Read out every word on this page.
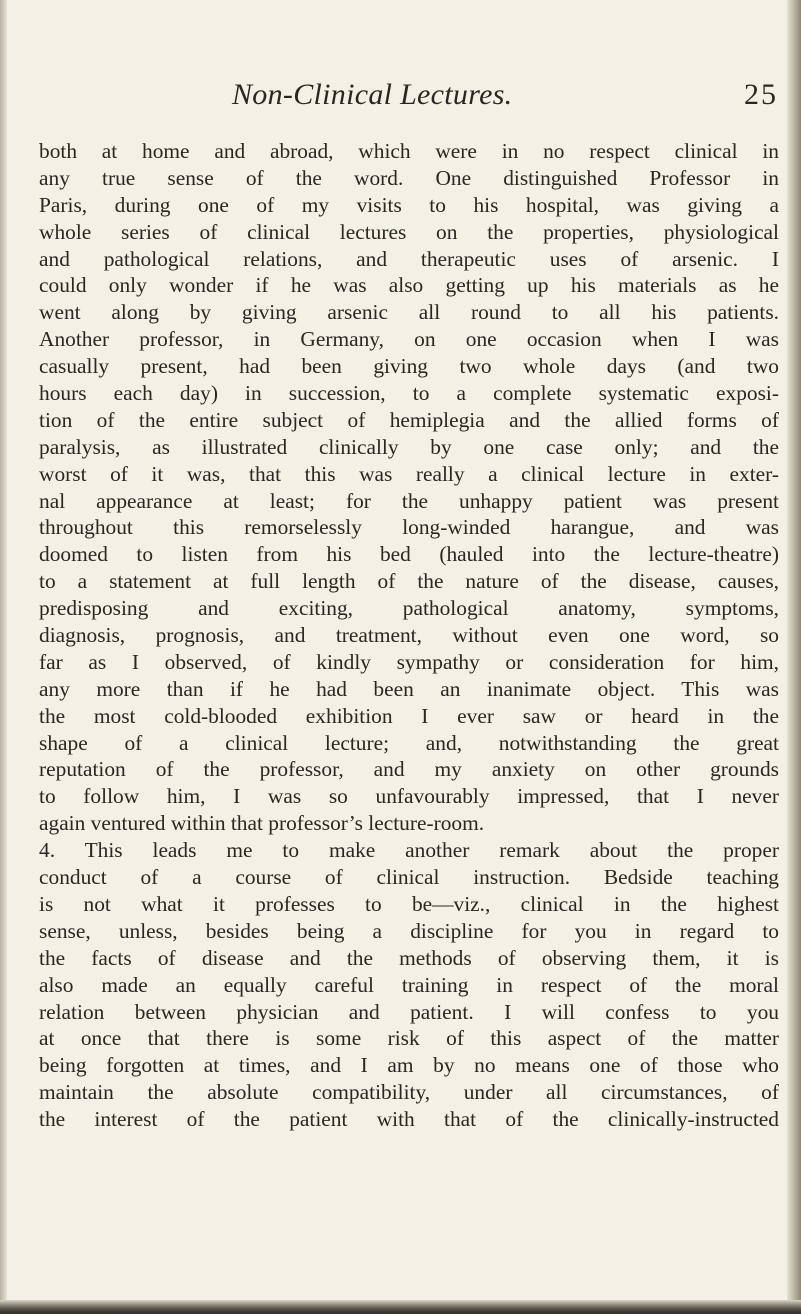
Non-Clinical Lectures.	25
both at home and abroad, which were in no respect clinical in
any true sense of the word. One distinguished Professor in
Paris, during one of my visits to his hospital, was giving a
whole series of clinical lectures on the properties, physiological
and pathological relations, and therapeutic uses of arsenic. I
could only wonder if he was also getting up his materials as he
went along by giving arsenic all round to all his patients.
Another professor, in Germany, on one occasion when I was
casually present, had been giving two whole days (and two
hours each day) in succession, to a complete systematic exposi-
tion of the entire subject of hemiplegia and the allied forms of
paralysis, as illustrated clinically by one case only; and the
worst of it was, that this was really a clinical lecture in exter-
nal appearance at least; for the unhappy patient was present
throughout this remorselessly long-winded harangue, and was
doomed to listen from his bed (hauled into the lecture-theatre)
to a statement at full length of the nature of the disease, causes,
predisposing and exciting, pathological anatomy, symptoms,
diagnosis, prognosis, and treatment, without even one word, so
far as I observed, of kindly sympathy or consideration for him,
any more than if he had been an inanimate object. This was
the most cold-blooded exhibition I ever saw or heard in the
shape of a clinical lecture; and, notwithstanding the great
reputation of the professor, and my anxiety on other grounds
to follow him, I was so unfavourably impressed, that I never
again ventured within that professor’s lecture-room.
4. This leads me to make another remark about the proper
conduct of a course of clinical instruction. Bedside teaching
is not what it professes to be—viz., clinical in the highest
sense, unless, besides being a discipline for you in regard to
the facts of disease and the methods of observing them, it is
also made an equally careful training in respect of the moral
relation between physician and patient. I will confess to you
at once that there is some risk of this aspect of the matter
being forgotten at times, and I am by no means one of those who
maintain the absolute compatibility, under all circumstances, of
the interest of the patient with that of the clinically-instructed
